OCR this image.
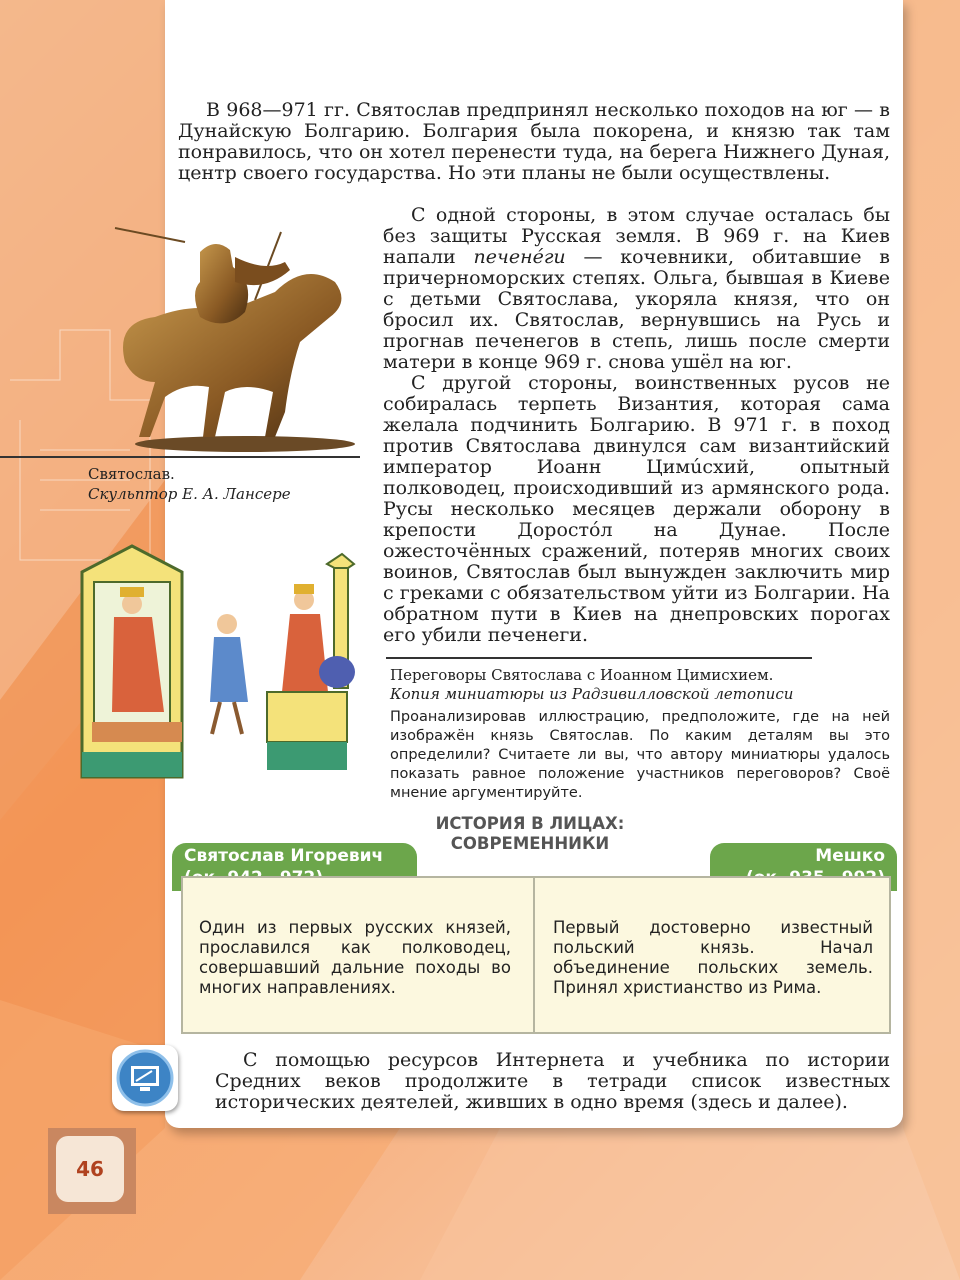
В 968—971 гг. Святослав предпринял несколько походов на юг — в Дунайскую Болгарию. Болгария была покорена, и князю так там понравилось, что он хотел перенести туда, на берега Нижнего Дуная, центр своего государства. Но эти планы не были осуществлены.

С одной стороны, в этом случае осталась бы без защиты Русская земля. В 969 г. на Киев напали печенéги — кочевники, обитавшие в причерноморских степях. Ольга, бывшая в Киеве с детьми Святослава, укоряла князя, что он бросил их. Святослав, вернувшись на Русь и прогнав печенегов в степь, лишь после смерти матери в конце 969 г. снова ушёл на юг.

С другой стороны, воинственных русов не собиралась терпеть Византия, которая сама желала подчинить Болгарию. В 971 г. в поход против Святослава двинулся сам византийский император Иоанн Цимúсхий, опытный полководец, происходивший из армянского рода. Русы несколько месяцев держали оборону в крепости Доростóл на Дунае. После ожесточённых сражений, потеряв многих своих воинов, Святослав был вынужден заключить мир с греками с обязательством уйти из Болгарии. На обратном пути в Киев на днепровских порогах его убили печенеги.

Святослав.
Скульптор Е. А. Лансере
Переговоры Святослава с Иоанном Цимисхием.
Копия миниатюры из Радзивилловской летописи
Проанализировав иллюстрацию, предположите, где на ней изображён князь Святослав. По каким деталям вы это определили? Считаете ли вы, что автору миниатюры удалось показать равное положение участников переговоров? Своё мнение аргументируйте.
ИСТОРИЯ В ЛИЦАХ:
СОВРЕМЕННИКИ
Святослав Игоревич	Мешко
Один из первых русских князей, прославился как полководец, совершавший дальние походы во многих направлениях.
Первый достоверно известный польский князь. Начал объединение польских земель. Принял христианство из Рима.

С помощью ресурсов Интернета и учебника по истории Средних веков продолжите в тетради список известных исторических деятелей, живших в одно время (здесь и далее).

46
